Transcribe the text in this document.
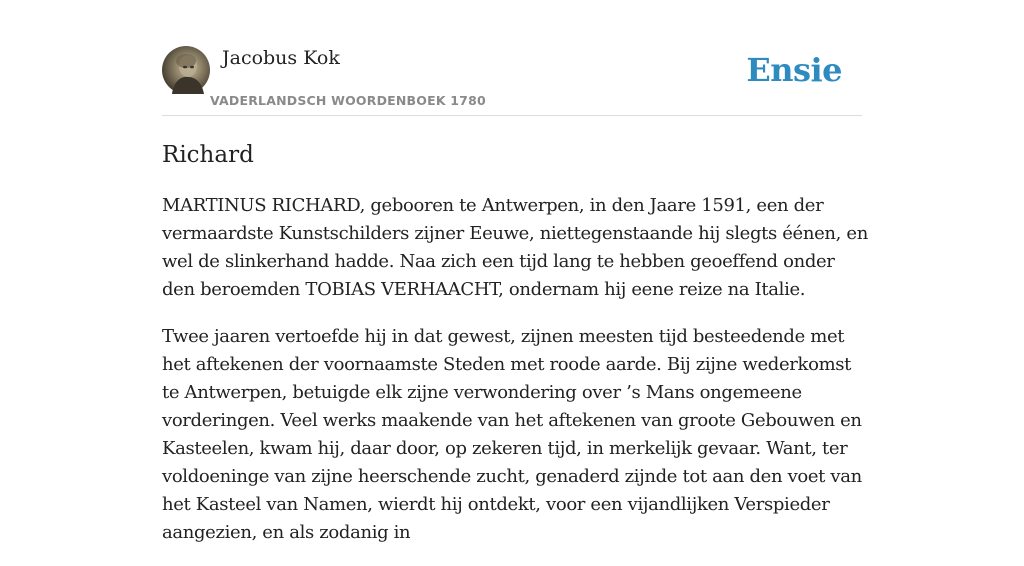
Jacobus Kok
VADERLANDSCH WOORDENBOEK 1780
Ensie
Richard

MARTINUS RICHARD, gebooren te Antwerpen, in den Jaare 1591, een der vermaardste Kunstschilders zijner Eeuwe, niettegenstaande hij slegts éénen, en wel de slinkerhand hadde. Naa zich een tijd lang te hebben geoeffend onder den beroemden TOBIAS VERHAACHT, ondernam hij eene reize na Italie.

Twee jaaren vertoefde hij in dat gewest, zijnen meesten tijd besteedende met het aftekenen der voornaamste Steden met roode aarde. Bij zijne wederkomst te Antwerpen, betuigde elk zijne verwondering over ’s Mans ongemeene vorderingen. Veel werks maakende van het aftekenen van groote Gebouwen en Kasteelen, kwam hij, daar door, op zekeren tijd, in merkelijk gevaar. Want, ter voldoeninge van zijne heerschende zucht, genaderd zijnde tot aan den voet van het Kasteel van Namen, wierdt hij ontdekt, voor een vijandlijken Verspieder aangezien, en als zodanig in
